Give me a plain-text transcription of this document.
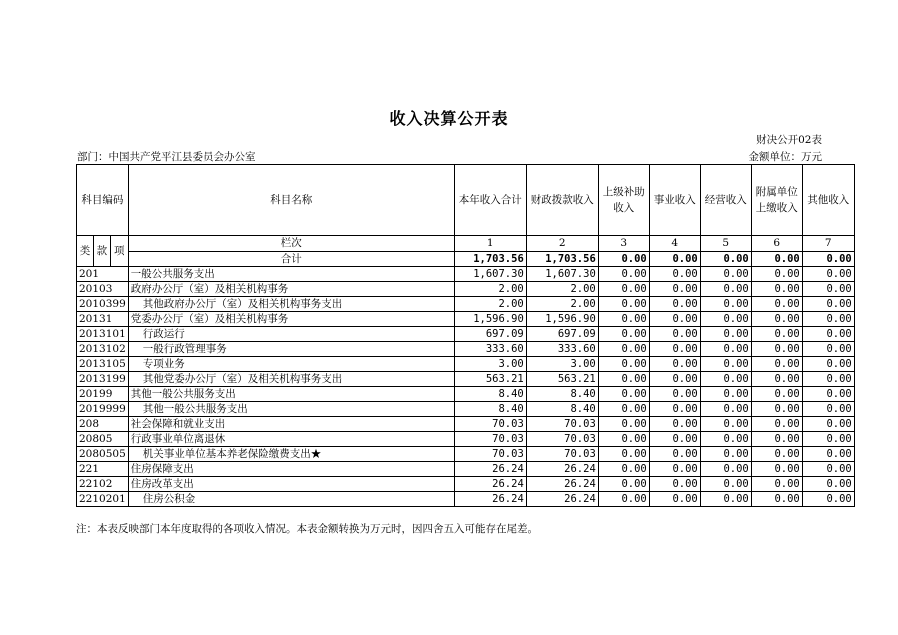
收入决算公开表
财决公开02表
部门：中国共产党平江县委员会办公室	金额单位：万元
科目编码			科目名称	本年收入合计	财政拨款收入	上级补助收入	事业收入	经营收入	附属单位上缴收入	其他收入
类	款	项	栏次	1	2	3	4	5	6	7
			合计	1,703.56	1,703.56	0.00	0.00	0.00	0.00	0.00
201			一般公共服务支出	1,607.30	1,607.30	0.00	0.00	0.00	0.00	0.00
20103			政府办公厅（室）及相关机构事务	2.00	2.00	0.00	0.00	0.00	0.00	0.00
2010399			其他政府办公厅（室）及相关机构事务支出	2.00	2.00	0.00	0.00	0.00	0.00	0.00
20131			党委办公厅（室）及相关机构事务	1,596.90	1,596.90	0.00	0.00	0.00	0.00	0.00
2013101			行政运行	697.09	697.09	0.00	0.00	0.00	0.00	0.00
2013102			一般行政管理事务	333.60	333.60	0.00	0.00	0.00	0.00	0.00
2013105			专项业务	3.00	3.00	0.00	0.00	0.00	0.00	0.00
2013199			其他党委办公厅（室）及相关机构事务支出	563.21	563.21	0.00	0.00	0.00	0.00	0.00
20199			其他一般公共服务支出	8.40	8.40	0.00	0.00	0.00	0.00	0.00
2019999			其他一般公共服务支出	8.40	8.40	0.00	0.00	0.00	0.00	0.00
208			社会保障和就业支出	70.03	70.03	0.00	0.00	0.00	0.00	0.00
20805			行政事业单位离退休	70.03	70.03	0.00	0.00	0.00	0.00	0.00
2080505			机关事业单位基本养老保险缴费支出★	70.03	70.03	0.00	0.00	0.00	0.00	0.00
221			住房保障支出	26.24	26.24	0.00	0.00	0.00	0.00	0.00
22102			住房改革支出	26.24	26.24	0.00	0.00	0.00	0.00	0.00
2210201			住房公积金	26.24	26.24	0.00	0.00	0.00	0.00	0.00
注：本表反映部门本年度取得的各项收入情况。本表金额转换为万元时，因四舍五入可能存在尾差。
